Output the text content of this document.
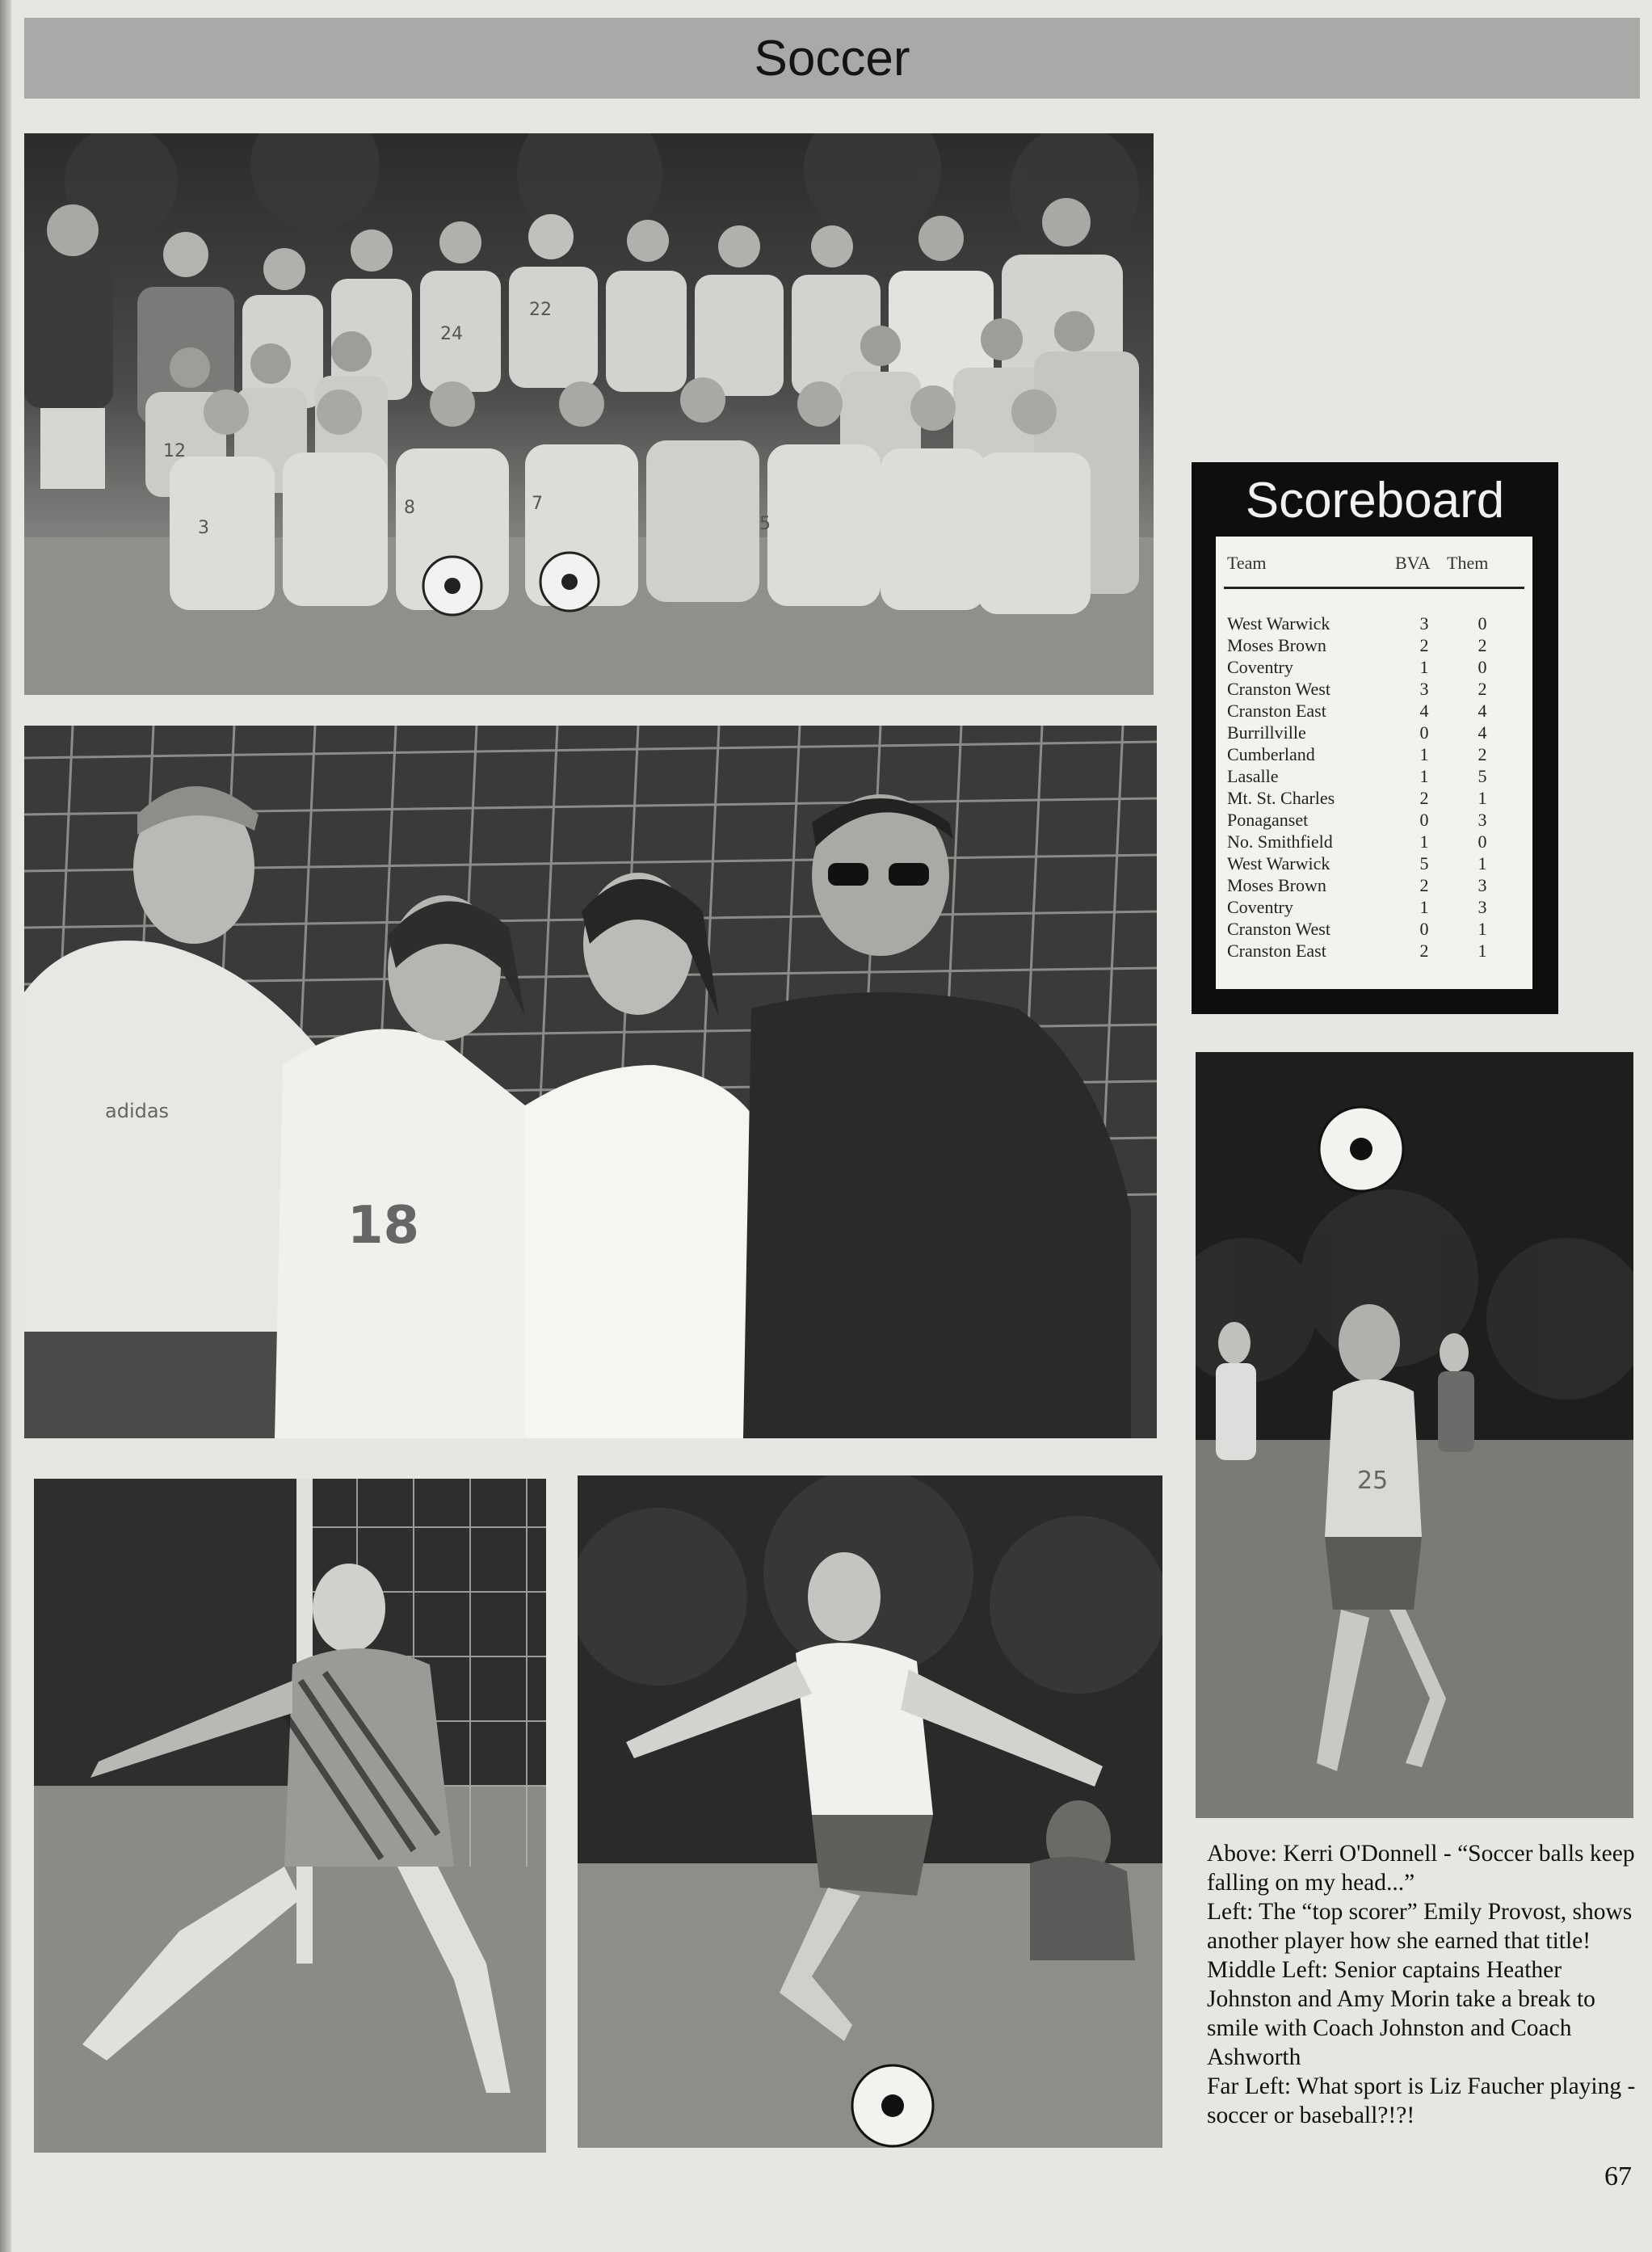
Soccer
24
22
12
8	7
5
3
adidas
18
25
Scoreboard
Team	BVA Them
West Warwick	3	0
Moses Brown	2	2
Coventry	1	0
Cranston West	3	2
Cranston East	4	4
Burrillville	0	4
Cumberland	1	2
Lasalle	1	5
Mt. St. Charles	2	1
Ponaganset	0	3
No. Smithfield	1	0
West Warwick	5	1
Moses Brown	2	3
Coventry	1	3
Cranston West	0	1
Cranston East	2	1

Above: Kerri O'Donnell - “Soccer balls keep falling on my head...”

Left: The “top scorer” Emily Provost, shows another player how she earned that title!

Middle Left: Senior captains Heather Johnston and Amy Morin take a break to smile with Coach Johnston and Coach Ashworth

Far Left: What sport is Liz Faucher playing - soccer or baseball?!?!

67
